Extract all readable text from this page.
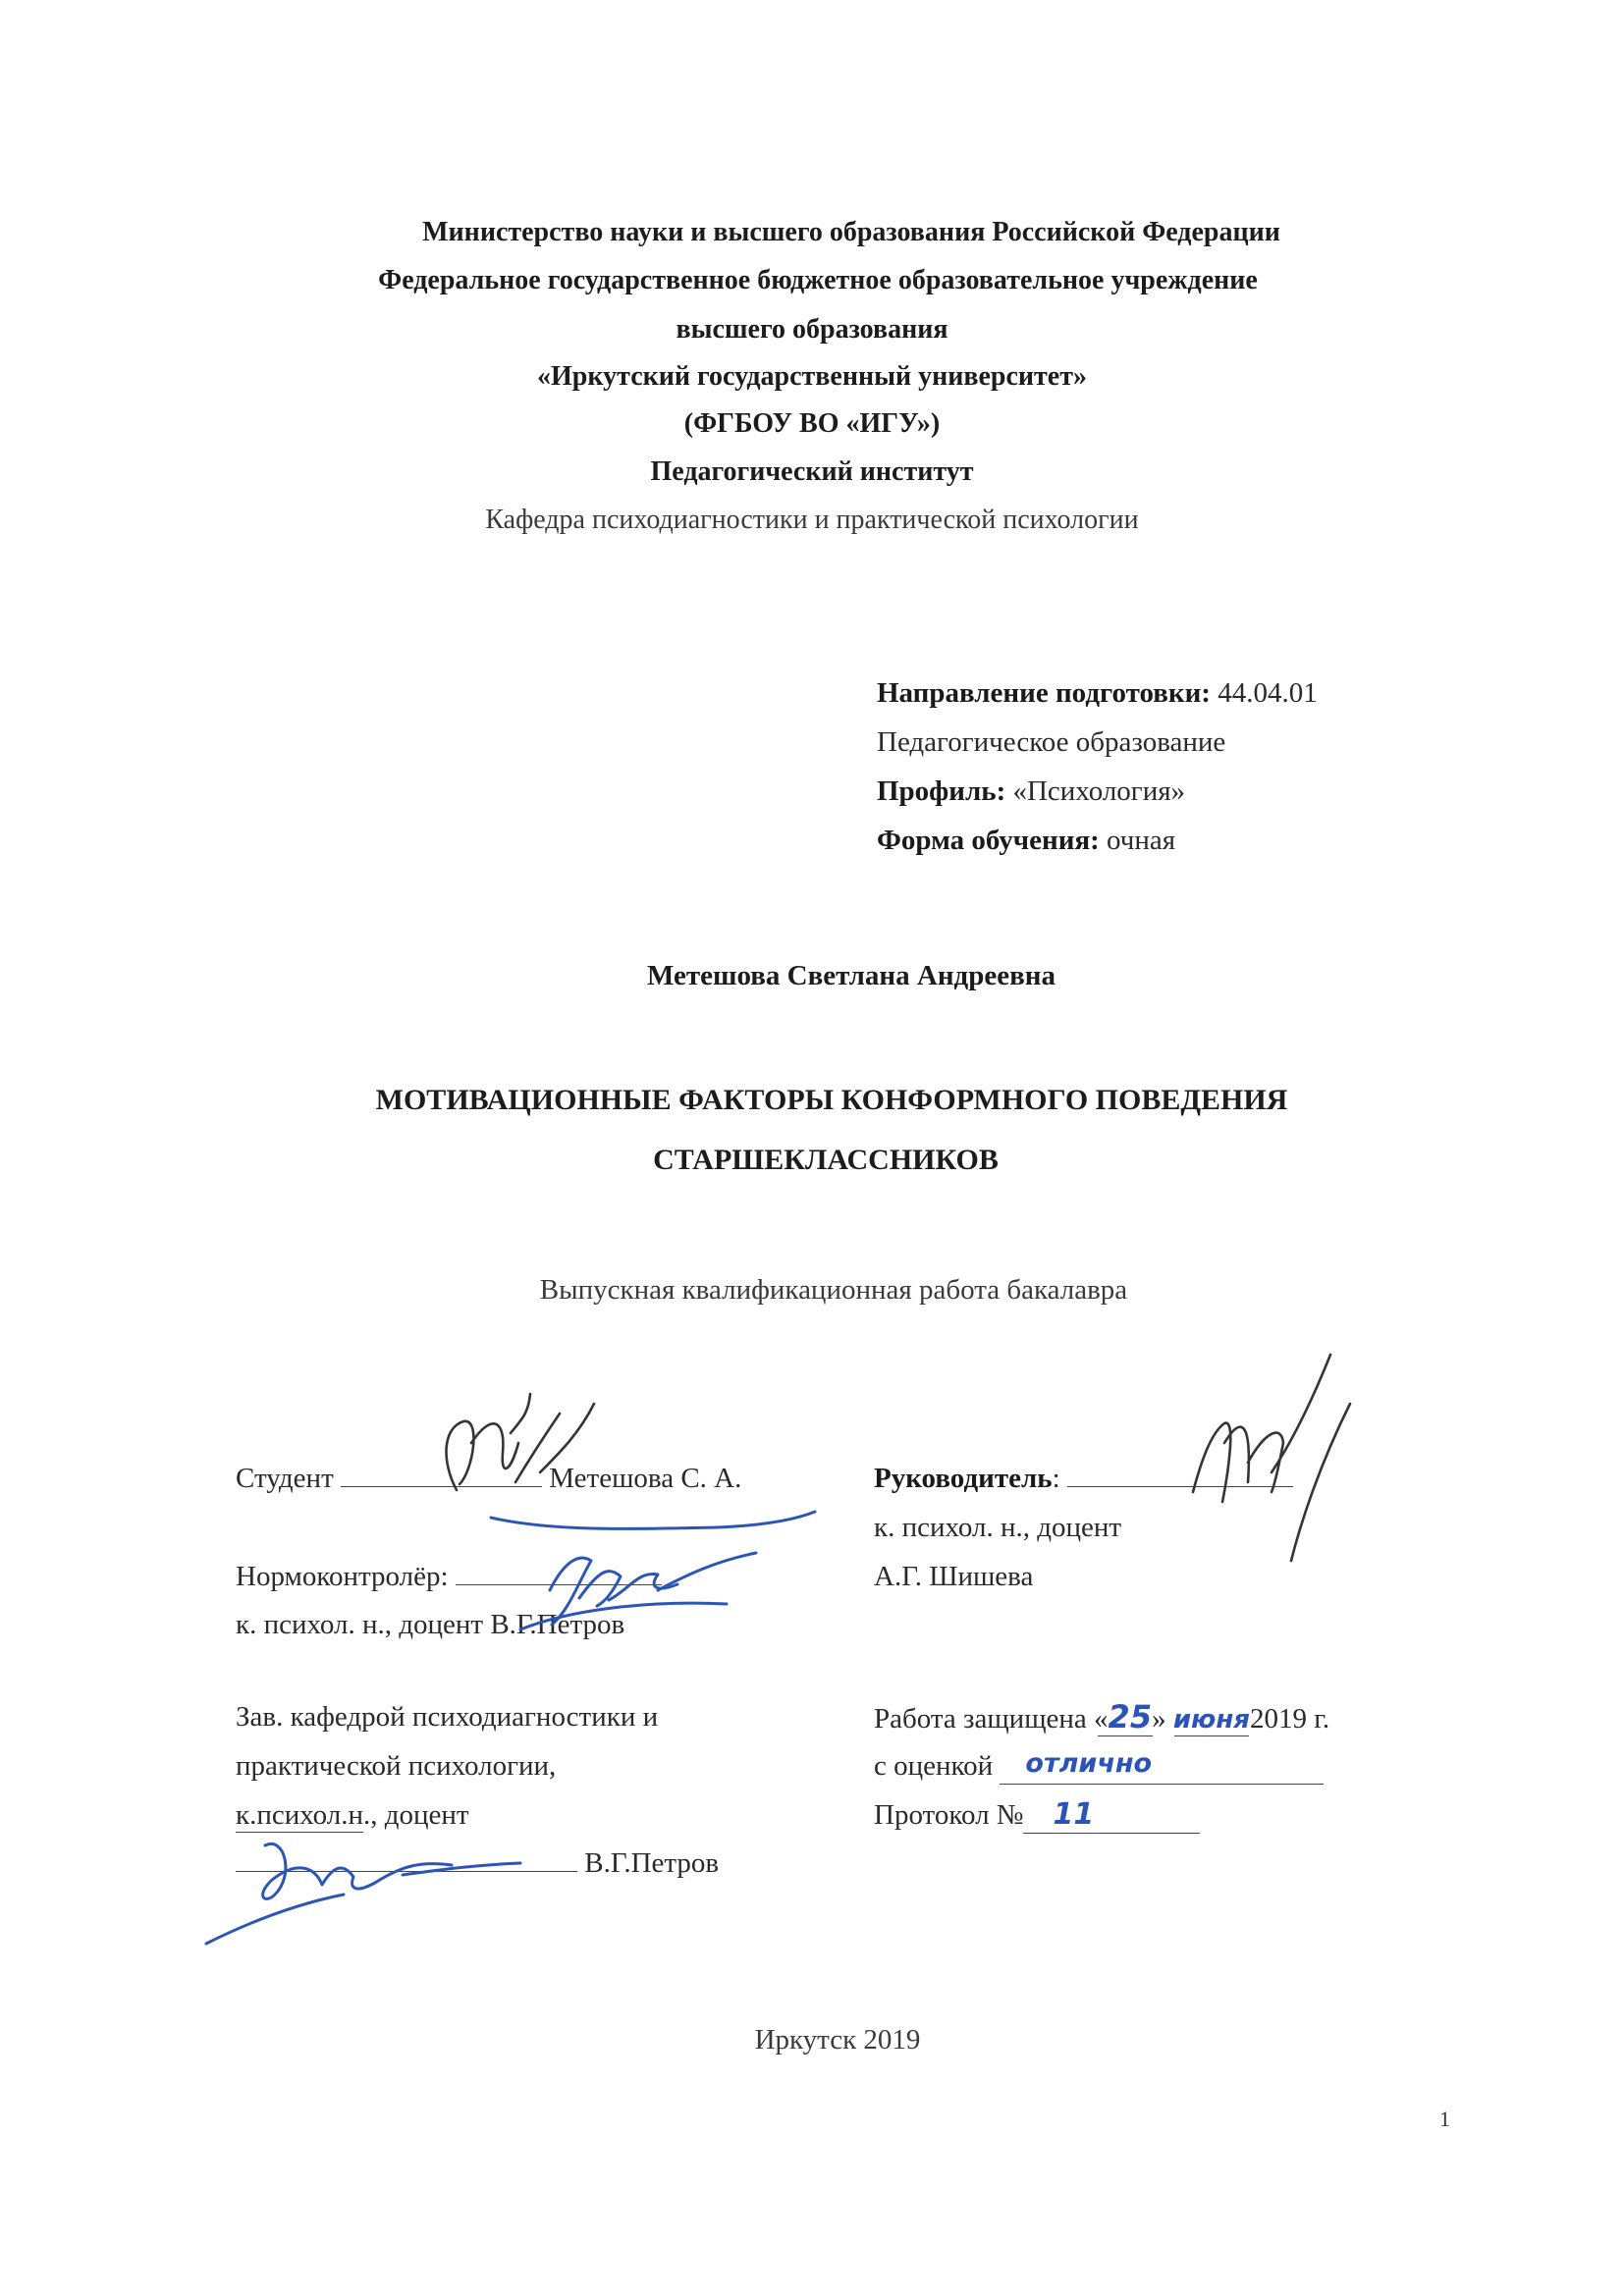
Министерство науки и высшего образования Российской Федерации
Федеральное государственное бюджетное образовательное учреждение
высшего образования
«Иркутский государственный университет»
(ФГБОУ ВО «ИГУ»)
Педагогический институт
Кафедра психодиагностики и практической психологии
Направление подготовки: 44.04.01
Педагогическое образование
Профиль: «Психология»
Форма обучения: очная
Метешова Светлана Андреевна
МОТИВАЦИОННЫЕ ФАКТОРЫ КОНФОРМНОГО ПОВЕДЕНИЯ
СТАРШЕКЛАССНИКОВ
Выпускная квалификационная работа бакалавра
Студент	Метешова С. А.	Руководитель:
к. психол. н., доцент
А.Г. Шишева
Нормоконтролёр:
к. психол. н., доцент В.Г.Петров
Зав. кафедрой психодиагностики и
практической психологии,
к.психол.н., доцент
В.Г.Петров
Работа защищена «25» июня2019 г.
с оценкой отлично

Протокол № 11

Иркутск 2019
1
